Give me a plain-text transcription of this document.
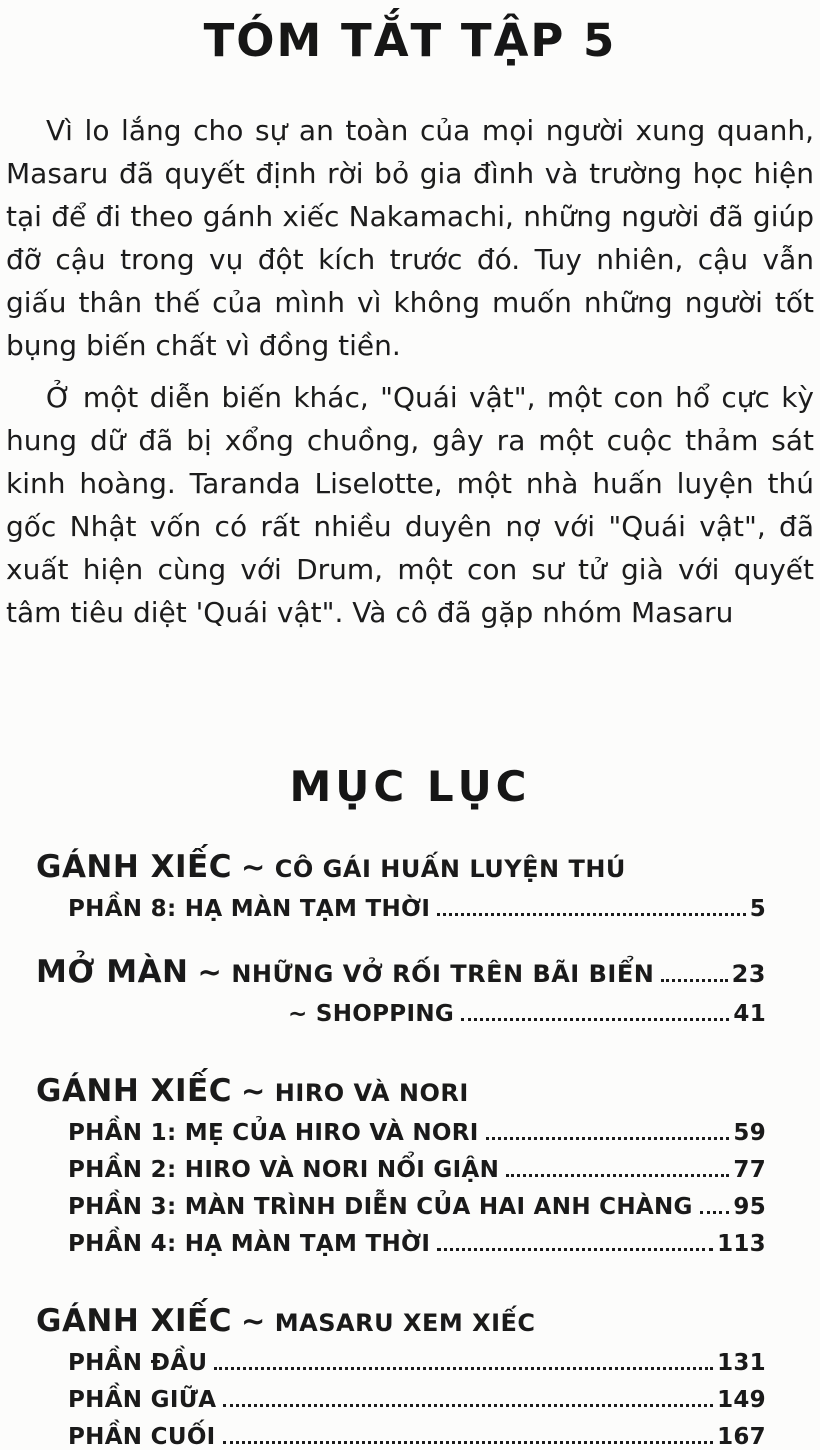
TÓM TẮT TẬP 5

Vì lo lắng cho sự an toàn của mọi người xung quanh, Masaru đã quyết định rời bỏ gia đình và trường học hiện tại để đi theo gánh xiếc Nakamachi, những người đã giúp đỡ cậu trong vụ đột kích trước đó. Tuy nhiên, cậu vẫn giấu thân thế của mình vì không muốn những người tốt bụng biến chất vì đồng tiền.

Ở một diễn biến khác, "Quái vật", một con hổ cực kỳ hung dữ đã bị xổng chuồng, gây ra một cuộc thảm sát kinh hoàng. Taranda Liselotte, một nhà huấn luyện thú gốc Nhật vốn có rất nhiều duyên nợ với "Quái vật", đã xuất hiện cùng với Drum, một con sư tử già với quyết tâm tiêu diệt 'Quái vật". Và cô đã gặp nhóm Masaru

MỤC LỤC
GÁNH XIẾC ~ CÔ GÁI HUẤN LUYỆN THÚ
PHẦN 8: HẠ MÀN TẠM THỜI	5
MỞ MÀN ~ NHỮNG VỞ RỐI TRÊN BÃI BIỂN	23
~ SHOPPING	41
GÁNH XIẾC ~ HIRO VÀ NORI
PHẦN 1: MẸ CỦA HIRO VÀ NORI	59
PHẦN 2: HIRO VÀ NORI NỔI GIẬN	77
PHẦN 3: MÀN TRÌNH DIỄN CỦA HAI ANH CHÀNG 95
PHẦN 4: HẠ MÀN TẠM THỜI	113
GÁNH XIẾC ~ MASARU XEM XIẾC
PHẦN ĐẦU	131
PHẦN GIỮA	149
PHẦN CUỐI	167
